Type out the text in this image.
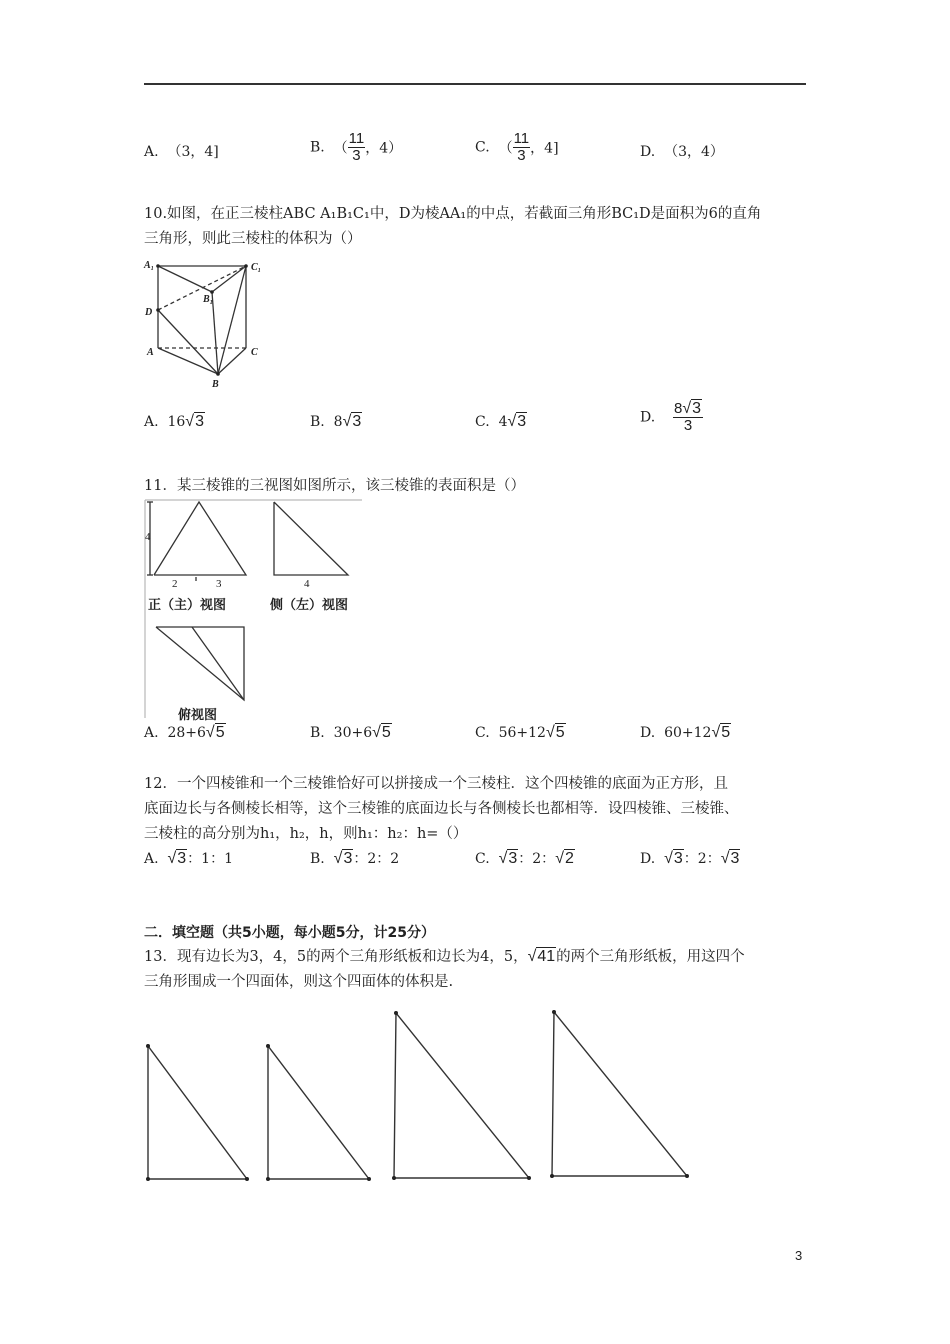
A. （3，4]	B. （ $\frac{11}{3}$ ，4）	C. （ $\frac{11}{3}$ ，4]	D. （3，4）
10.如图，在正三棱柱ABC A₁B₁C₁中，D为棱AA₁的中点，若截面三角形BC₁D是面积为6的直角
三角形，则此三棱柱的体积为（）
A₁	C₁
B₁
D
A	C
B
A. 16√3	B. 8√3	C. 4√3	D. $\frac{8√3}{3}$
11．某三棱锥的三视图如图所示，该三棱锥的表面积是（）
4
2	3	4
正（主）视图	侧（左）视图
俯视图
A. 28+6√5	B. 30+6√5	C. 56+12√5	D. 60+12√5
12．一个四棱锥和一个三棱锥恰好可以拼接成一个三棱柱．这个四棱锥的底面为正方形，且
底面边长与各侧棱长相等，这个三棱锥的底面边长与各侧棱长也都相等．设四棱锥、三棱锥、
三棱柱的高分别为h₁，h₂，h，则h₁：h₂：h=（）
A. √3：1：1	B. √3：2：2	C. √3：2：√2	D. √3：2：√3
二．填空题（共5小题，每小题5分，计25分）
13．现有边长为3，4，5的两个三角形纸板和边长为4，5，√41的两个三角形纸板，用这四个
三角形围成一个四面体，则这个四面体的体积是.
3
